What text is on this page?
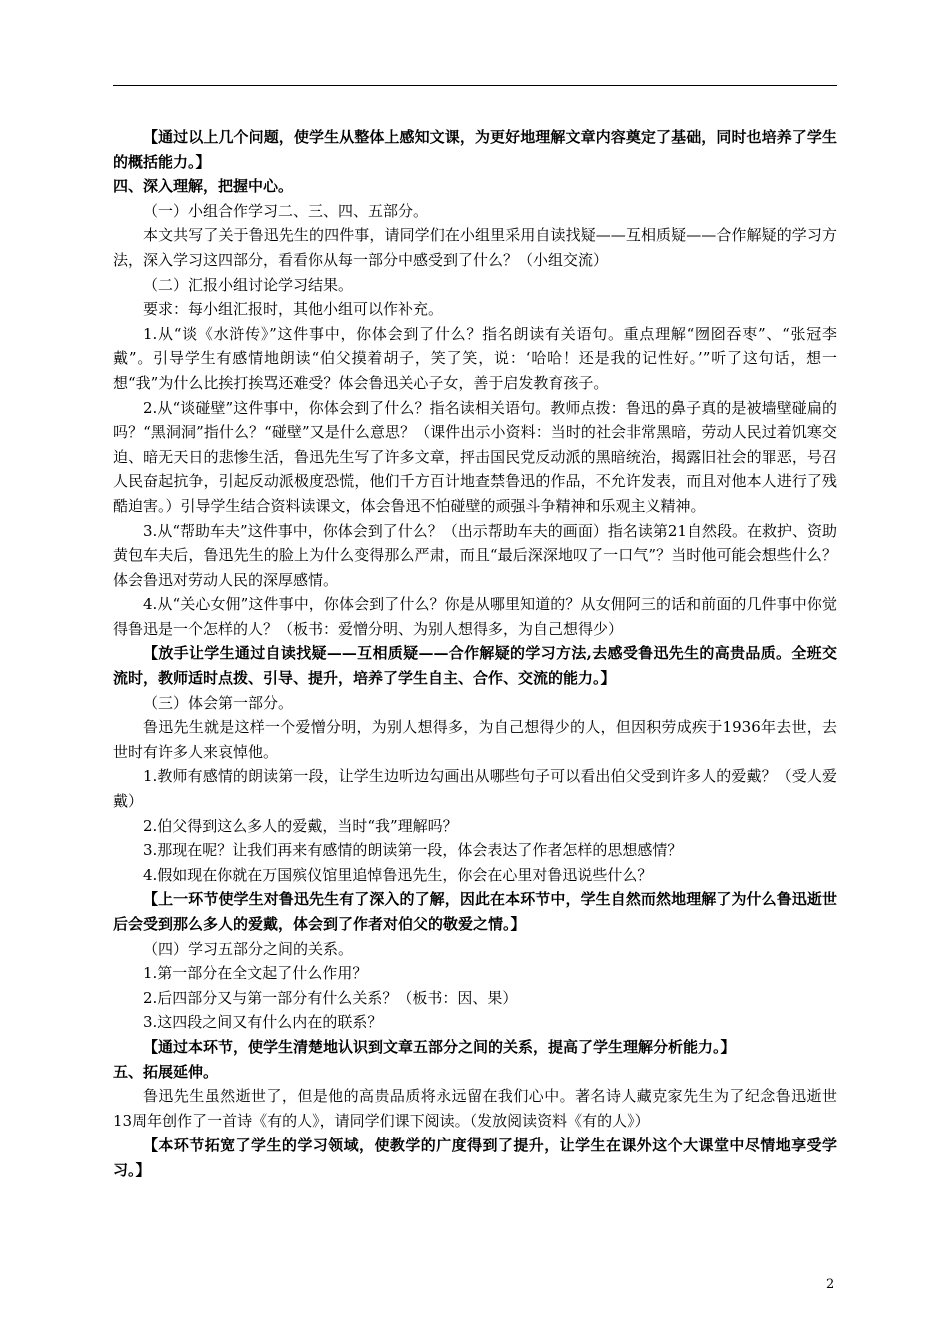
【通过以上几个问题，使学生从整体上感知文课，为更好地理解文章内容奠定了基础，同时也培养了学生的概括能力。】

四、深入理解，把握中心。

（一）小组合作学习二、三、四、五部分。

本文共写了关于鲁迅先生的四件事，请同学们在小组里采用自读找疑——互相质疑——合作解疑的学习方法，深入学习这四部分，看看你从每一部分中感受到了什么？（小组交流）

（二）汇报小组讨论学习结果。

要求：每小组汇报时，其他小组可以作补充。

1.从“谈《水浒传》”这件事中，你体会到了什么？指名朗读有关语句。重点理解“囫囵吞枣”、“张冠李戴”。引导学生有感情地朗读“伯父摸着胡子，笑了笑，说：‘哈哈！还是我的记性好。’”听了这句话，想一想“我”为什么比挨打挨骂还难受？体会鲁迅关心子女，善于启发教育孩子。

2.从“谈碰壁”这件事中，你体会到了什么？指名读相关语句。教师点拨：鲁迅的鼻子真的是被墙壁碰扁的吗？“黑洞洞”指什么？“碰壁”又是什么意思？（课件出示小资料：当时的社会非常黑暗，劳动人民过着饥寒交迫、暗无天日的悲惨生活，鲁迅先生写了许多文章，抨击国民党反动派的黑暗统治，揭露旧社会的罪恶，号召人民奋起抗争，引起反动派极度恐慌，他们千方百计地查禁鲁迅的作品，不允许发表，而且对他本人进行了残酷迫害。）引导学生结合资料读课文，体会鲁迅不怕碰壁的顽强斗争精神和乐观主义精神。

3.从“帮助车夫”这件事中，你体会到了什么？（出示帮助车夫的画面）指名读第21自然段。在救护、资助黄包车夫后，鲁迅先生的脸上为什么变得那么严肃，而且“最后深深地叹了一口气”？当时他可能会想些什么？体会鲁迅对劳动人民的深厚感情。

4.从“关心女佣”这件事中，你体会到了什么？你是从哪里知道的？从女佣阿三的话和前面的几件事中你觉得鲁迅是一个怎样的人？（板书：爱憎分明、为别人想得多，为自己想得少）

【放手让学生通过自读找疑——互相质疑——合作解疑的学习方法,去感受鲁迅先生的高贵品质。全班交流时，教师适时点拨、引导、提升，培养了学生自主、合作、交流的能力。】

（三）体会第一部分。

鲁迅先生就是这样一个爱憎分明，为别人想得多，为自己想得少的人，但因积劳成疾于1936年去世，去世时有许多人来哀悼他。

1.教师有感情的朗读第一段，让学生边听边勾画出从哪些句子可以看出伯父受到许多人的爱戴？（受人爱戴）

2.伯父得到这么多人的爱戴，当时“我”理解吗？

3.那现在呢？让我们再来有感情的朗读第一段，体会表达了作者怎样的思想感情？

4.假如现在你就在万国殡仪馆里追悼鲁迅先生，你会在心里对鲁迅说些什么？

【上一环节使学生对鲁迅先生有了深入的了解，因此在本环节中，学生自然而然地理解了为什么鲁迅逝世后会受到那么多人的爱戴，体会到了作者对伯父的敬爱之情。】

（四）学习五部分之间的关系。

1.第一部分在全文起了什么作用？

2.后四部分又与第一部分有什么关系？（板书：因、果）

3.这四段之间又有什么内在的联系？

【通过本环节，使学生清楚地认识到文章五部分之间的关系，提高了学生理解分析能力。】

五、拓展延伸。

鲁迅先生虽然逝世了，但是他的高贵品质将永远留在我们心中。著名诗人藏克家先生为了纪念鲁迅逝世13周年创作了一首诗《有的人》，请同学们课下阅读。（发放阅读资料《有的人》）

【本环节拓宽了学生的学习领域，使教学的广度得到了提升，让学生在课外这个大课堂中尽情地享受学习。】

2
